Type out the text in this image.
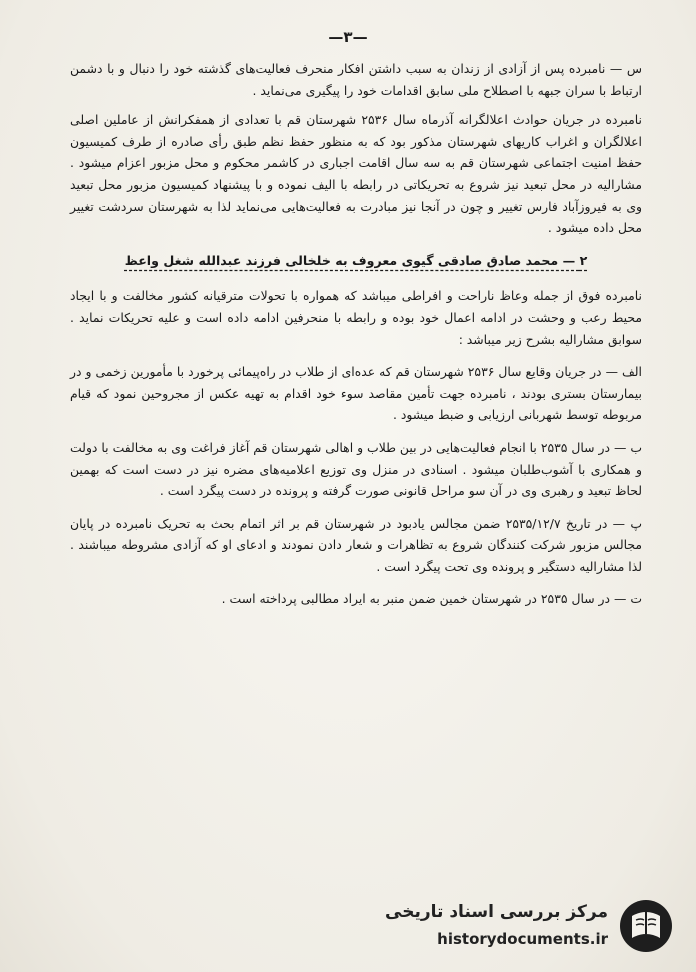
—٣—

س — نامبرده پس از آزادی از زندان به سبب داشتن افکار منحرف فعالیت‌های گذشته خود را دنبال و با دشمن ارتباط با سران جبهه با اصطلاح ملی سابق اقدامات خود را پیگیری می‌نماید .

نامبرده در جریان حوادث اعلالگرانه آذرماه سال ۲۵۳۶ شهرستان قم با تعدادی از همفکرانش از عاملین اصلی اعلالگران و اغراب کاریهای شهرستان مذکور بود که به منظور حفظ نظم طبق رأی صادره از طرف کمیسیون حفظ امنیت اجتماعی شهرستان قم به سه سال اقامت اجباری در کاشمر محکوم و محل مزبور اعزام میشود . مشارالیه در محل تبعید نیز شروع به تحریکاتی در رابطه با الیف نموده و با پیشنهاد کمیسیون مزبور محل تبعید وی به فیروزآباد فارس تغییر و چون در آنجا نیز مبادرت به فعالیت‌هایی می‌نماید لذا به شهرستان سردشت تغییر محل داده میشود .

۲ — محمد صادق صادقی گیوی معروف به خلخالی فرزند عبدالله شغل واعظ

نامبرده فوق از جمله وعاظ ناراحت و افراطی میباشد که همواره با تحولات مترقیانه کشور مخالفت و با ایجاد محیط رعب و وحشت در ادامه اعمال خود بوده و رابطه با منحرفین ادامه داده است و علیه تحریکات نماید . سوابق مشارالیه بشرح زیر میباشد :

الف — در جریان وقایع سال ۲۵۳۶ شهرستان قم که عده‌ای از طلاب در راه‌پیمائی پرخورد با مأمورین زخمی و در بیمارستان بستری بودند ، نامبرده جهت تأمین مقاصد سوء خود اقدام به تهیه عکس از مجروحین نمود که قیام مربوطه توسط شهربانی ارزیابی و ضبط میشود .

ب — در سال ۲۵۳۵ با انجام فعالیت‌هایی در بین طلاب و اهالی شهرستان قم آغاز فراغت وی به مخالفت با دولت و همکاری با آشوب‌طلبان میشود . اسنادی در منزل وی توزیع اعلامیه‌های مضره نیز در دست است که بهمین لحاظ تبعید و رهبری وی در آن سو مراحل قانونی صورت گرفته و پرونده در دست پیگرد است .

پ — در تاریخ ۲۵۳۵/۱۲/۷ ضمن مجالس یادبود در شهرستان قم بر اثر اتمام بحث به تحریک نامبرده در پایان مجالس مزبور شرکت کنندگان شروع به تظاهرات و شعار دادن نمودند و ادعای او که آزادی مشروطه میباشند . لذا مشارالیه دستگیر و پرونده وی تحت پیگرد است .

ت — در سال ۲۵۳۵ در شهرستان خمین ضمن منبر به ایراد مطالبی پرداخته است .

مرکز بررسی اسناد تاریخی
historydocuments.ir
